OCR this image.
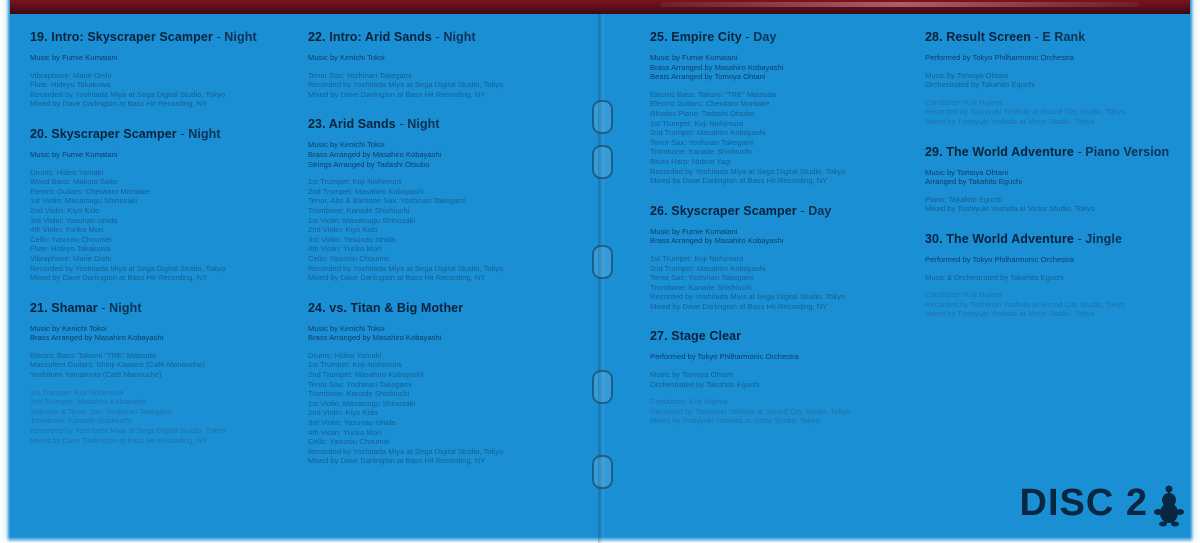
19. Intro: Skyscraper Scamper - Night
Music by Fumie Kumatani
Vibraphone: Marie Oishi
Flute: Hideyu Takakuwa
Recorded by Yoshitada Miya at Sega Digital Studio, Tokyo
Mixed by Dave Darlington at Bass Hit Recording, NY
20. Skyscraper Scamper - Night
Music by Fumie Kumatani
Drums: Hideo Yamaki
Wood Bass: Makoto Saito
Electric Guitars: Chewtaro Moritake
1st Violin: Masatsugu Shinozaki
2nd Violin: Kiyo Kido
3rd Violin: Yasunao Ishida
4th Violin: Yuriko Mori
Cello: Yasurou Choumei
Flute: Hideyo Takakuwa
Vibraphone: Marie Oishi
Recorded by Yoshitada Miya at Sega Digital Studio, Tokyo
Mixed by Dave Darlington at Bass Hit Recording, NY
21. Shamar - Night
Music by Kenichi Tokoi
Brass Arranged by Masahiro Kobayashi
Electric Bass: Takumi "TRE" Matsuda
Maccaferri Guitars: Shinji Kawase (Café Manouche)
Yoshifumi Yamamoto (Café Manouche)
1st Trumpet: Koji Nishimura
2nd Trumpet: Masahiro Kobayashi
Soprano & Tenor Sax: Yoshinari Takegami
Trombone: Kanade Shishiuchi
Recorded by Yoshitada Miya at Sega Digital Studio, Tokyo
Mixed by Dave Darlington at Bass Hit Recording, NY
22. Intro: Arid Sands - Night
Music by Kenichi Tokoi
Tenor Sax: Yoshinari Takegami
Recorded by Yoshitada Miya at Sega Digital Studio, Tokyo
Mixed by Dave Darlington at Bass Hit Recording, NY
23. Arid Sands - Night
Music by Kenichi Tokoi
Brass Arranged by Masahiro Kobayashi
Strings Arranged by Tadashi Otsubo
1st Trumpet: Koji Nishimura
2nd Trumpet: Masahiro Kobayashi
Tenor, Alto & Baritone Sax: Yoshinari Takegami
Trombone: Kanade Shishiuchi
1st Violin: Masatsugu Shinozaki
2nd Violin: Kiyo Kido
3rd Violin: Yasunao Ishida
4th Violin: Yuriko Mori
Cello: Yasurou Choumei
Recorded by Yoshitada Miya at Sega Digital Studio, Tokyo
Mixed by Dave Darlington at Bass Hit Recording, NY
24. vs. Titan & Big Mother
Music by Kenichi Tokoi
Brass Arranged by Masahiro Kobayashi
Drums: Hideo Yamaki
1st Trumpet: Koji Nishimura
2nd Trumpet: Masahiro Kobayashi
Tenor Sax: Yoshinari Takegami
Trombone: Kanade Shishiuchi
1st Violin: Masatsugu Shinozaki
2nd Violin: Kiyo Kido
3rd Violin: Yasunao Ishida
4th Violin: Yuriko Mori
Cello: Yasurou Choumei
Recorded by Yoshitada Miya at Sega Digital Studio, Tokyo
Mixed by Dave Darlington at Bass Hit Recording, NY
25. Empire City - Day
Music by Fumie Kumatani
Brass Arranged by Masahiro Kobayashi
Beats Arranged by Tomoya Ohtani
Electric Bass: Takumi "TRE" Matsuda
Electric Guitars: Chewtaro Moritake
Rhodes Piano: Tadashi Otsubo
1st Trumpet: Koji Nishimura
2nd Trumpet: Masahiro Kobayashi
Tenor Sax: Yoshinari Takegami
Trombone: Kanade Shishiuchi
Blues Harp: Nobuo Yagi
Recorded by Yoshitada Miya at Sega Digital Studio, Tokyo
Mixed by Dave Darlington at Bass Hit Recording, NY
26. Skyscraper Scamper - Day
Music by Fumie Kumatani
Brass Arranged by Masahiro Kobayashi
1st Trumpet: Koji Nishimura
2nd Trumpet: Masahiro Kobayashi
Tenor Sax: Yoshinari Takegami
Trombone: Kanade Shishiuchi
Recorded by Yoshitada Miya at Sega Digital Studio, Tokyo
Mixed by Dave Darlington at Bass Hit Recording, NY
27. Stage Clear
Performed by Tokyo Philharmonic Orchestra
Music by Tomoya Ohtani
Orchestrated by Takahito Eguchi
Conductor: Koji Hajima
Recorded by Toshiyuki Yoshida at Sound City Studio, Tokyo
Mixed by Toshiyuki Yoshida at Victor Studio, Tokyo
28. Result Screen - E Rank
Performed by Tokyo Philharmonic Orchestra
Music by Tomoya Ohtani
Orchestrated by Takahito Eguchi
Conductor: Koji Hajima
Recorded by Toshiyuki Yoshida at Sound City Studio, Tokyo
Mixed by Toshiyuki Yoshida at Victor Studio, Tokyo
29. The World Adventure - Piano Version
Music by Tomoya Ohtani
Arranged by Takahito Eguchi
Piano: Takahito Eguchi
Mixed by Toshiyuki Yoshida at Victor Studio, Tokyo
30. The World Adventure - Jingle
Performed by Tokyo Philharmonic Orchestra
Music & Orchestrated by Takahito Eguchi
Conductor: Koji Hajima
Recorded by Toshiyuki Yoshida at Sound City Studio, Tokyo
Mixed by Toshiyuki Yoshida at Victor Studio, Tokyo
DISC 2
